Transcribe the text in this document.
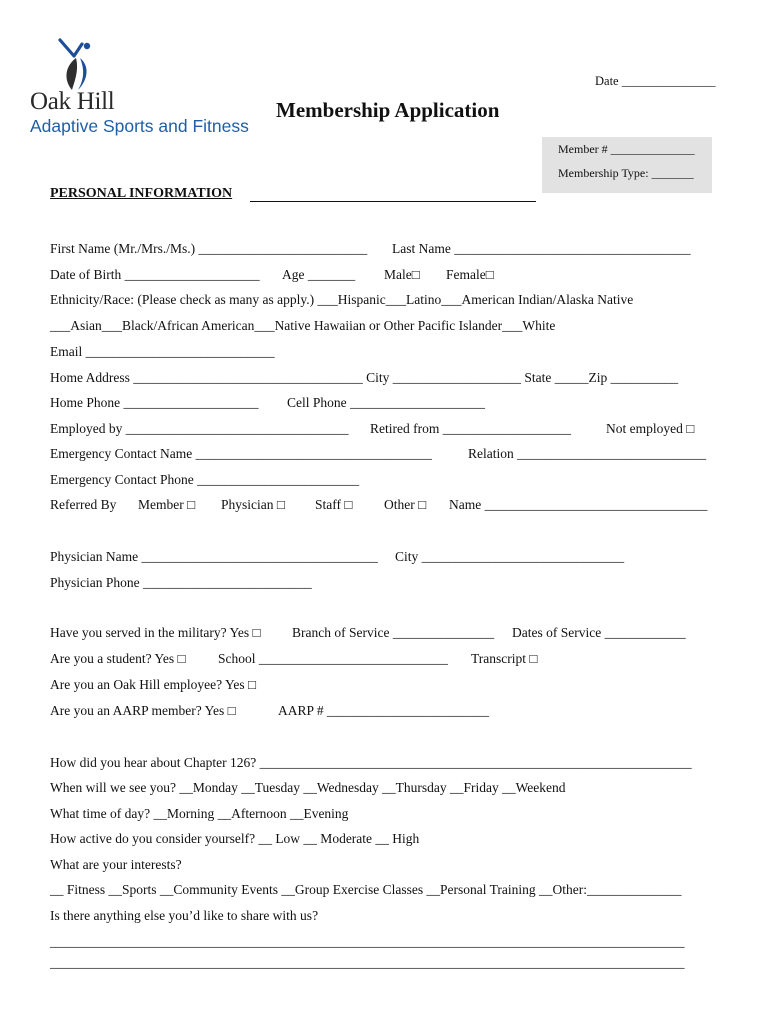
Oak Hill
Adaptive Sports and Fitness
Membership Application
Date _______________
Member # ______________
Membership Type: _______
PERSONAL INFORMATION
First Name (Mr./Mrs./Ms.) _________________________ Last Name ___________________________________
Date of Birth ____________________ Age _______ Male□ Female□
Ethnicity/Race: (Please check as many as apply.) ___Hispanic___Latino___American Indian/Alaska Native
___Asian___Black/African American___Native Hawaiian or Other Pacific Islander___White
Email ____________________________
Home Address __________________________________ City ___________________ State _____Zip __________
Home Phone ____________________ Cell Phone ____________________
Employed by _________________________________ Retired from ___________________	Not employed □
Emergency Contact Name ___________________________________	Relation ____________________________
Emergency Contact Phone ________________________
Referred By Member □ Physician □ Staff □ Other □ Name _________________________________
Physician Name ___________________________________ City ______________________________
Physician Phone _________________________
Have you served in the military? Yes □ Branch of Service _______________ Dates of Service ____________
Are you a student? Yes □ School ____________________________ Transcript □
Are you an Oak Hill employee? Yes □
Are you an AARP member? Yes □	AARP # ________________________
How did you hear about Chapter 126? ________________________________________________________________
When will we see you? __Monday __Tuesday __Wednesday __Thursday __Friday __Weekend
What time of day? __Morning __Afternoon __Evening
How active do you consider yourself? __ Low __ Moderate __ High
What are your interests?
__ Fitness __Sports __Community Events __Group Exercise Classes __Personal Training __Other:______________
Is there anything else you’d like to share with us?
______________________________________________________________________________________________
______________________________________________________________________________________________
